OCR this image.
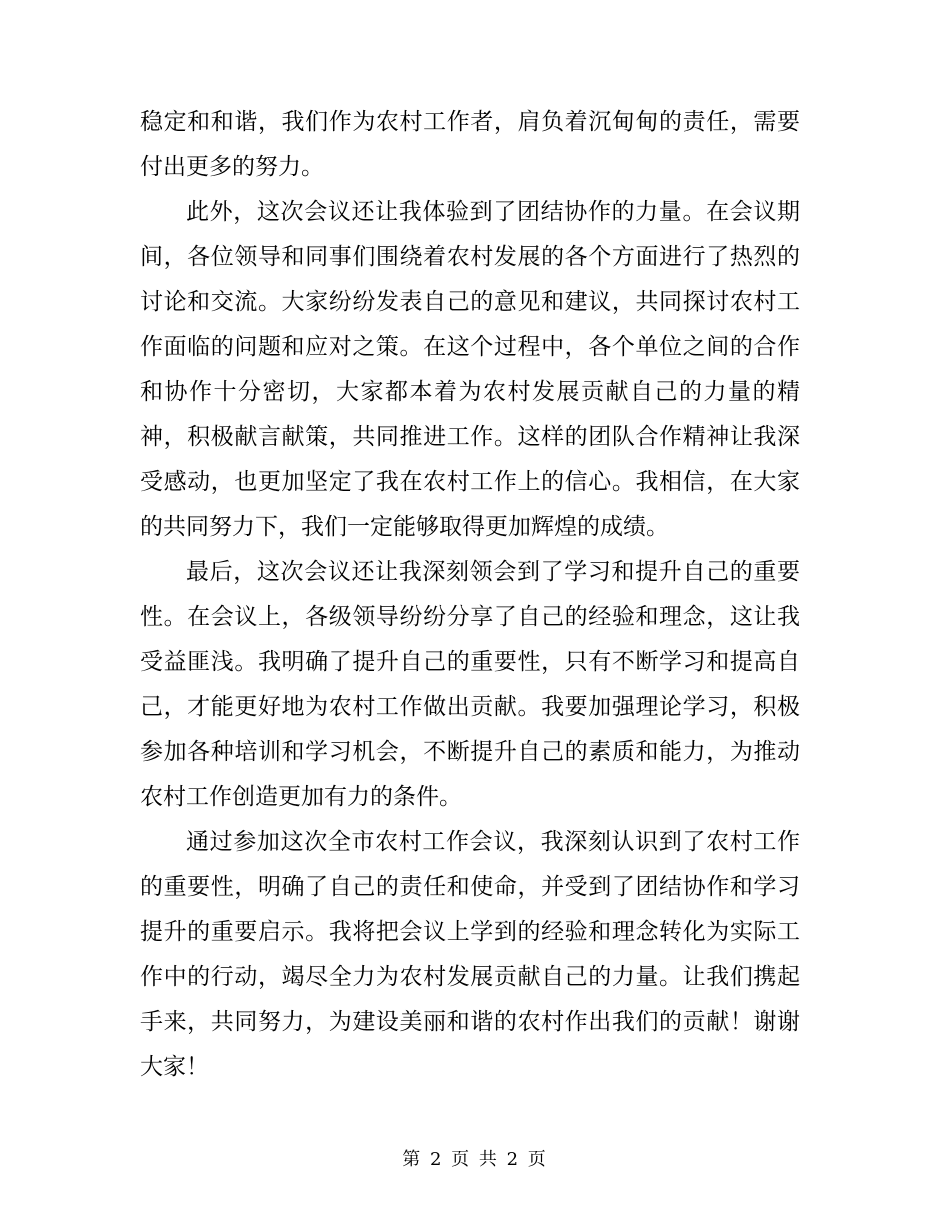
稳定和和谐，我们作为农村工作者，肩负着沉甸甸的责任，需要
付出更多的努力。
此外，这次会议还让我体验到了团结协作的力量。在会议期
间，各位领导和同事们围绕着农村发展的各个方面进行了热烈的
讨论和交流。大家纷纷发表自己的意见和建议，共同探讨农村工
作面临的问题和应对之策。在这个过程中，各个单位之间的合作
和协作十分密切，大家都本着为农村发展贡献自己的力量的精
神，积极献言献策，共同推进工作。这样的团队合作精神让我深
受感动，也更加坚定了我在农村工作上的信心。我相信，在大家
的共同努力下，我们一定能够取得更加辉煌的成绩。
最后，这次会议还让我深刻领会到了学习和提升自己的重要
性。在会议上，各级领导纷纷分享了自己的经验和理念，这让我
受益匪浅。我明确了提升自己的重要性，只有不断学习和提高自
己，才能更好地为农村工作做出贡献。我要加强理论学习，积极
参加各种培训和学习机会，不断提升自己的素质和能力，为推动
农村工作创造更加有力的条件。
通过参加这次全市农村工作会议，我深刻认识到了农村工作
的重要性，明确了自己的责任和使命，并受到了团结协作和学习
提升的重要启示。我将把会议上学到的经验和理念转化为实际工
作中的行动，竭尽全力为农村发展贡献自己的力量。让我们携起
手来，共同努力，为建设美丽和谐的农村作出我们的贡献！谢谢
大家！
第 2 页 共 2 页
